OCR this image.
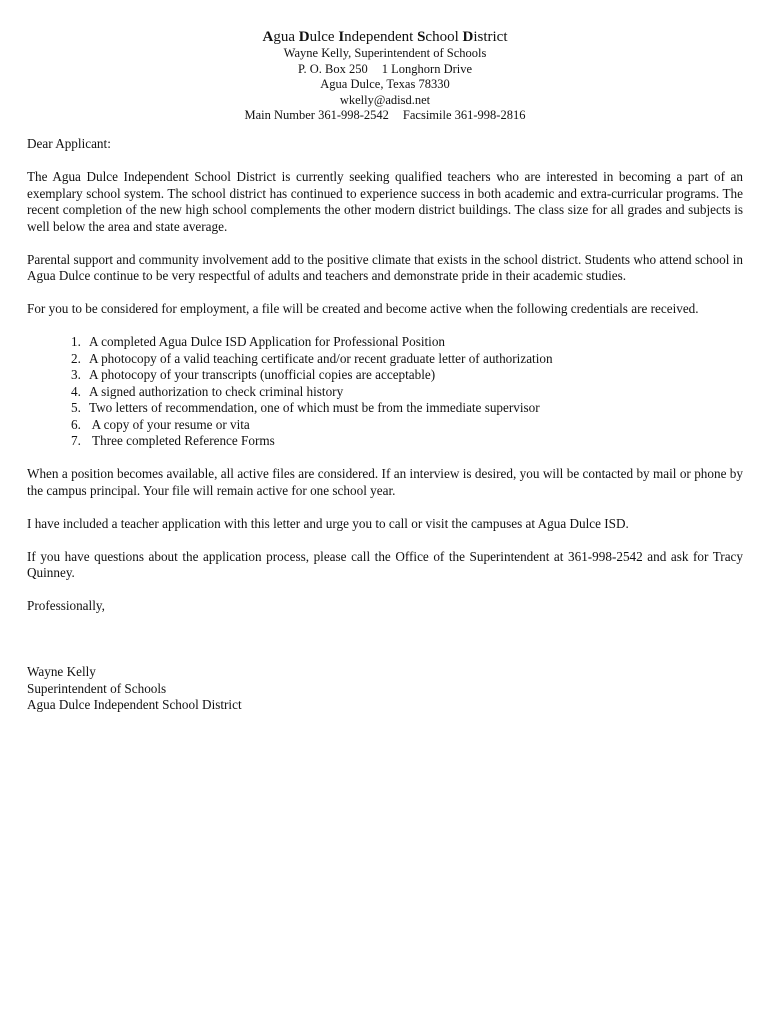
Agua Dulce Independent School District
Wayne Kelly, Superintendent of Schools
P. O. Box 250 1 Longhorn Drive
Agua Dulce, Texas 78330
wkelly@adisd.net
Main Number 361-998-2542 Facsimile 361-998-2816
Dear Applicant:

The Agua Dulce Independent School District is currently seeking qualified teachers who are interested in becoming a part of an exemplary school system. The school district has continued to experience success in both academic and extra-curricular programs. The recent completion of the new high school complements the other modern district buildings. The class size for all grades and subjects is well below the area and state average.

Parental support and community involvement add to the positive climate that exists in the school district. Students who attend school in Agua Dulce continue to be very respectful of adults and teachers and demonstrate pride in their academic studies.

For you to be considered for employment, a file will be created and become active when the following credentials are received.

1. A completed Agua Dulce ISD Application for Professional Position
2. A photocopy of a valid teaching certificate and/or recent graduate letter of authorization
3. A photocopy of your transcripts (unofficial copies are acceptable)
4. A signed authorization to check criminal history
5. Two letters of recommendation, one of which must be from the immediate supervisor
6. A copy of your resume or vita
7. Three completed Reference Forms

When a position becomes available, all active files are considered. If an interview is desired, you will be contacted by mail or phone by the campus principal. Your file will remain active for one school year.

I have included a teacher application with this letter and urge you to call or visit the campuses at Agua Dulce ISD.

If you have questions about the application process, please call the Office of the Superintendent at 361-998-2542 and ask for Tracy Quinney.

Professionally,
Wayne Kelly
Superintendent of Schools
Agua Dulce Independent School District
